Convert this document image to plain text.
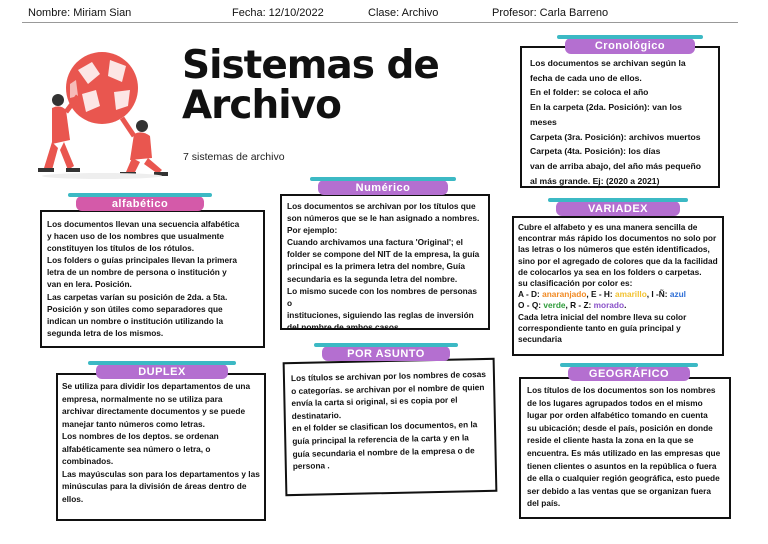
Nombre: Miriam Sian	Fecha: 12/10/2022	Clase: Archivo	Profesor: Carla Barreno
Sistemas de
Archivo
7 sistemas de archivo

Los documentos se archivan según la

fecha de cada uno de ellos.

En el folder: se coloca el año

En la carpeta (2da. Posición): van los

meses

Carpeta (3ra. Posición): archivos muertos

Carpeta (4ta. Posición): los días

van de arriba abajo, del año más pequeño

al más grande. Ej: (2020 a 2021)

Cronológico

Los documentos llevan una secuencia alfabética

y hacen uso de los nombres que usualmente

constituyen los títulos de los rótulos.

Los folders o guías principales llevan la primera

letra de un nombre de persona o institución y

van en lera. Posición.

Las carpetas varían su posición de 2da. a 5ta.

Posición y son útiles como separadores que

indican un nombre o institución utilizando la

segunda letra de los mismos.

alfabético	Los documentos se archivan por los títulos que

son números que se le han asignado a nombres.

Por ejemplo:

Cuando archivamos una factura 'Original'; el

folder se compone del NIT de la empresa, la guía

principal es la primera letra del nombre, Guía

secundaria es la segunda letra del nombre.

Lo mismo sucede con los nombres de personas o

instituciones, siguiendo las reglas de inversión

del nombre de ambos casos.

Numérico

Cubre el alfabeto y es una manera sencilla de

encontrar más rápido los documentos no solo por

las letras o los números que estén identificados,

sino por el agregado de colores que da la facilidad

de colocarlos ya sea en los folders o carpetas.

su clasificación por color es:

A - D: anaranjado, E - H: amarillo, I -Ñ: azul

O - Q: verde, R - Z: morado.

Cada letra inicial del nombre lleva su color

correspondiente tanto en guía principal y

secundaria

VARIADEX

Se utiliza para dividir los departamentos de una

empresa, normalmente no se utiliza para

archivar directamente documentos y se puede

manejar tanto números como letras.

Los nombres de los deptos. se ordenan

alfabéticamente sea número o letra, o

combinados.

Las mayúsculas son para los departamentos y las

minúsculas para la división de áreas dentro de

ellos.

DUPLEX	Los títulos se archivan por los nombres de cosas

o categorías. se archivan por el nombre de quien

envía la carta si original, si es copia por el

destinatario.

en el folder se clasifican los documentos, en la

guía principal la referencia de la carta y en la

guía secundaria el nombre de la empresa o de

persona .

POR ASUNTO

Los títulos de los documentos son los nombres

de los lugares agrupados todos en el mismo

lugar por orden alfabético tomando en cuenta

su ubicación; desde el país, posición en donde

reside el cliente hasta la zona en la que se

encuentra. Es más utilizado en las empresas que

tienen clientes o asuntos en la república o fuera

de ella o cualquier región geográfica, esto puede

ser debido a las ventas que se organizan fuera

del país.

GEOGRÁFICO
